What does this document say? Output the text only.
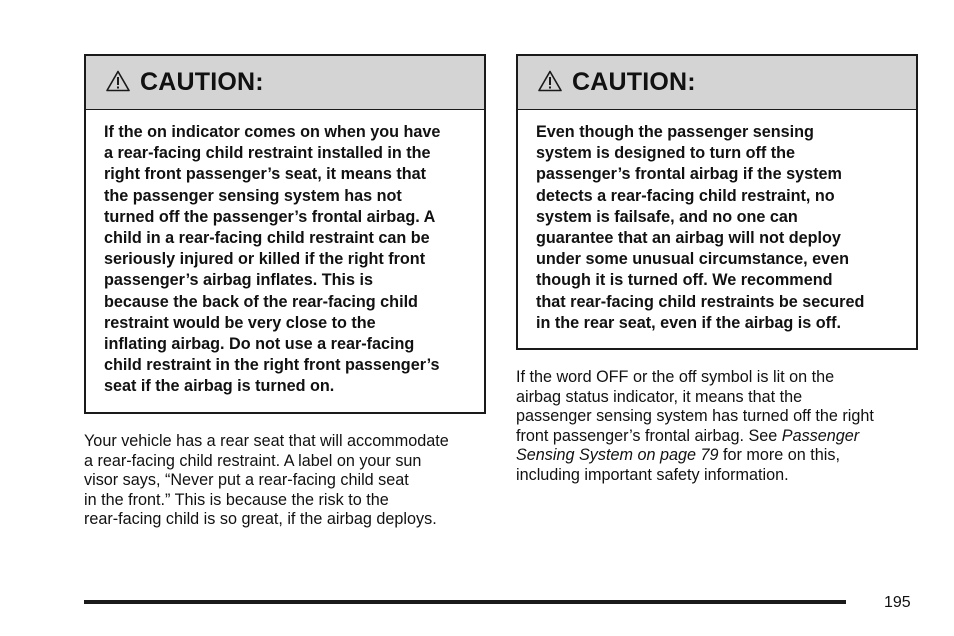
CAUTION:
If the on indicator comes on when you have
a rear-facing child restraint installed in the
right front passenger’s seat, it means that
the passenger sensing system has not
turned off the passenger’s frontal airbag. A
child in a rear-facing child restraint can be
seriously injured or killed if the right front
passenger’s airbag inflates. This is
because the back of the rear-facing child
restraint would be very close to the
inflating airbag. Do not use a rear-facing
child restraint in the right front passenger’s
seat if the airbag is turned on.
Your vehicle has a rear seat that will accommodate
a rear-facing child restraint. A label on your sun
visor says, “Never put a rear-facing child seat
in the front.” This is because the risk to the
rear-facing child is so great, if the airbag deploys.
CAUTION:
Even though the passenger sensing
system is designed to turn off the
passenger’s frontal airbag if the system
detects a rear-facing child restraint, no
system is failsafe, and no one can
guarantee that an airbag will not deploy
under some unusual circumstance, even
though it is turned off. We recommend
that rear-facing child restraints be secured
in the rear seat, even if the airbag is off.
If the word OFF or the off symbol is lit on the
airbag status indicator, it means that the
passenger sensing system has turned off the right
front passenger’s frontal airbag. See Passenger
Sensing System on page 79 for more on this,
including important safety information.
195
